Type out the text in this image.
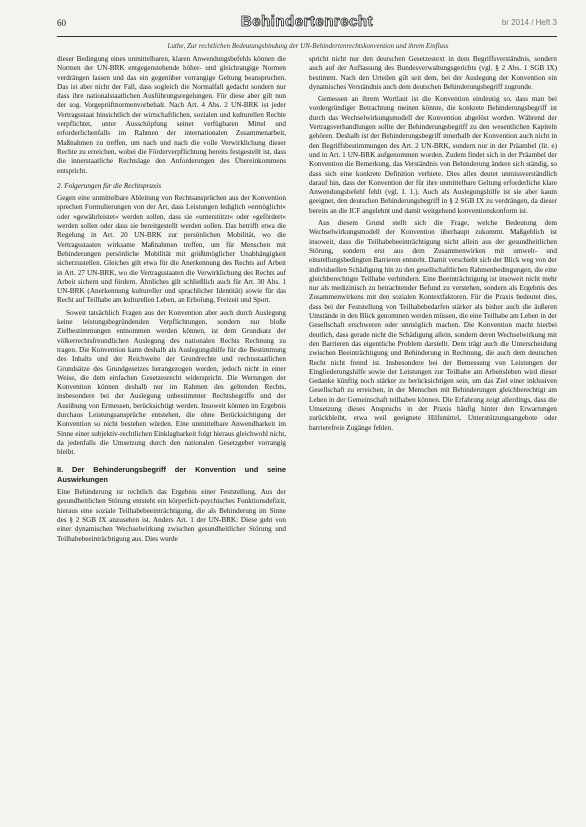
60	Behindertenrecht	br 2014 / Heft 3
Luthe, Zur rechtlichen Bedeutungsbindung der UN-Behindertenrechtskonvention und ihrem Einfluss

dieser Bedingung eines unmittelbaren, klaren Anwendungsbefehls können die Normen der UN-BRK entgegenstehende höher- und gleichrangige Normen verdrängen lassen und das ein gegenüber vorrangige Geltung beanspruchen. Das ist aber nicht der Fall, dass sogleich die Normalfall gedacht sondern nur dass ihre nationalstaatlichen Ausführungsregelungen. Für diese aber gilt nun der sog. Vorgeprüftnormenvorbehalt. Nach Art. 4 Abs. 2 UN-BRK ist jeder Vertragsstaat hinsichtlich der wirtschaftlichen, sozialen und kulturellen Rechte verpflichtet, unter Ausschöpfung seiner verfügbaren Mittel und erforderlichenfalls im Rahmen der internationalen Zusammenarbeit, Maßnahmen zu treffen, um nach und nach die volle Verwirklichung dieser Rechte zu erreichen, wobei die Förderverpflichtung bereits festgestellt ist, dass die innerstaatliche Rechtslage den Anforderungen des Übereinkommens entspricht.

2. Folgerungen für die Rechtspraxis

Gegen eine unmittelbare Ableitung von Rechtsansprüchen aus der Konvention sprechen Formulierungen von der Art, dass Leistungen lediglich »ermöglicht« oder »gewährleistet« werden sollen, dass sie »unterstützt« oder »gefördert« werden sollen oder dass sie bereitgestellt werden sollen. Das betrifft etwa die Regelung in Art. 20 UN-BRK zur persönlichen Mobilität, wo die Vertragsstaaten wirksame Maßnahmen treffen, um für Menschen mit Behinderungen persönliche Mobilität mit größtmöglicher Unabhängigkeit sicherzustellen. Gleiches gilt etwa für die Anerkennung des Rechts auf Arbeit in Art. 27 UN-BRK, wo die Vertragsstaaten die Verwirklichung des Rechts auf Arbeit sichern und fördern. Ähnliches gilt schließlich auch für Art. 30 Abs. 1 UN-BRK (Anerkennung kultureller und sprachlicher Identität) sowie für das Recht auf Teilhabe am kulturellen Leben, an Erholung, Freizeit und Sport.

Soweit tatsächlich Fragen aus der Konvention aber auch durch Auslegung keine leistungsbegründenden Verpflichtungen, sondern nur bloße Zielbestimmungen entnommen werden können, ist dem Grundsatz der völkerrechtsfreundlichen Auslegung des nationalen Rechts Rechnung zu tragen. Die Konvention kann deshalb als Auslegungshilfe für die Bestimmung des Inhalts und der Reichweite der Grundrechte und rechtsstaatlichen Grundsätze des Grundgesetzes herangezogen werden, jedoch nicht in einer Weise, die dem einfachen Gesetzesrecht widerspricht. Die Wertungen der Konvention können deshalb nur im Rahmen des geltenden Rechts, insbesondere bei der Auslegung unbestimmter Rechtsbegriffe und der Ausübung von Ermessen, berücksichtigt werden. Insoweit können im Ergebnis durchaus Leistungsansprüche entstehen, die ohne Berücksichtigung der Konvention so nicht bestehen würden. Eine unmittelbare Anwendbarkeit im Sinne einer subjektiv-rechtlichen Einklagbarkeit folgt hieraus gleichwohl nicht, da jedenfalls die Umsetzung durch den nationalen Gesetzgeber vorrangig bleibt.

II. Der Behinderungsbegriff der Konvention und seine Auswirkungen

Eine Behinderung ist rechtlich das Ergebnis einer Feststellung. Aus der gesundheitlichen Störung entsteht ein körperlich-psychisches Funktionsdefizit, hieraus eine soziale Teilhabebeeinträchtigung, die als Behinderung im Sinne des § 2 SGB IX anzusehen ist. Anders Art. 1 der UN-BRK: Diese geht von einer dynamischen Wechselwirkung zwischen gesundheitlicher Störung und Teilhabebeeinträchtigung aus. Dies wurde

spricht nicht nur den deutschen Gesetzestext in dem Begriffsverständnis, sondern auch auf der Auflassung des Bundesverwaltungsgerichts (vgl. § 2 Abs. 1 SGB IX) bestimmt. Nach den Urteilen gilt seit dem, bei der Auslegung der Konvention ein dynamisches Verständnis auch dem deutschen Behinderungsbegriff zugrunde.

Gemessen an ihrem Wortlaut ist die Konvention eindeutig so, dass man bei vordergründiger Betrachtung meinen könnte, die konkrete Behinderungsbegriff ist durch das Wechselwirkungsmodell der Konvention abgelöst worden. Während der Vertragsverhandlungen sollte der Behinderungsbegriff zu den wesentlichen Kapiteln gehören. Deshalb ist der Behinderungsbegriff innerhalb der Konvention auch nicht in den Begriffsbestimmungen des Art. 2 UN-BRK, sondern nur in der Präambel (lit. e) und in Art. 1 UN-BRK aufgenommen worden. Zudem findet sich in der Präambel der Konvention die Bemerkung, das Verständnis von Behinderung ändere sich ständig, so dass sich eine konkrete Definition verbiete. Dies alles deutet unmissverständlich darauf hin, dass der Konvention der für ihre unmittelbare Geltung erforderliche klare Anwendungsbefehl fehlt (vgl. I. 1.). Auch als Auslegungshilfe ist sie aber kaum geeignet, den deutschen Behinderungsbegriff in § 2 SGB IX zu verdrängen, da dieser bereits an die ICF angelehnt und damit weitgehend konventionskonform ist.

Aus diesem Grund stellt sich die Frage, welche Bedeutung dem Wechselwirkungsmodell der Konvention überhaupt zukommt. Maßgeblich ist insoweit, dass die Teilhabebeeinträchtigung nicht allein aus der gesundheitlichen Störung, sondern erst aus dem Zusammenwirken mit umwelt- und einstellungsbedingten Barrieren entsteht. Damit verschiebt sich der Blick weg von der individuellen Schädigung hin zu den gesellschaftlichen Rahmenbedingungen, die eine gleichberechtigte Teilhabe verhindern. Eine Beeinträchtigung ist insoweit nicht mehr nur als medizinisch zu betrachtender Befund zu verstehen, sondern als Ergebnis des Zusammenwirkens mit den sozialen Kontextfaktoren. Für die Praxis bedeutet dies, dass bei der Feststellung von Teilhabebedarfen stärker als bisher auch die äußeren Umstände in den Blick genommen werden müssen, die eine Teilhabe am Leben in der Gesellschaft erschweren oder unmöglich machen. Die Konvention macht hierbei deutlich, dass gerade nicht die Schädigung allein, sondern deren Wechselwirkung mit den Barrieren das eigentliche Problem darstellt. Dem trägt auch die Unterscheidung zwischen Beeinträchtigung und Behinderung in Rechnung, die auch dem deutschen Recht nicht fremd ist. Insbesondere bei der Bemessung von Leistungen der Eingliederungshilfe sowie der Leistungen zur Teilhabe am Arbeitsleben wird dieser Gedanke künftig noch stärker zu berücksichtigen sein, um das Ziel einer inklusiven Gesellschaft zu erreichen, in der Menschen mit Behinderungen gleichberechtigt am Leben in der Gemeinschaft teilhaben können. Die Erfahrung zeigt allerdings, dass die Umsetzung dieses Anspruchs in der Praxis häufig hinter den Erwartungen zurückbleibt, etwa weil geeignete Hilfsmittel, Unterstützungsangebote oder barrierefreie Zugänge fehlen.
